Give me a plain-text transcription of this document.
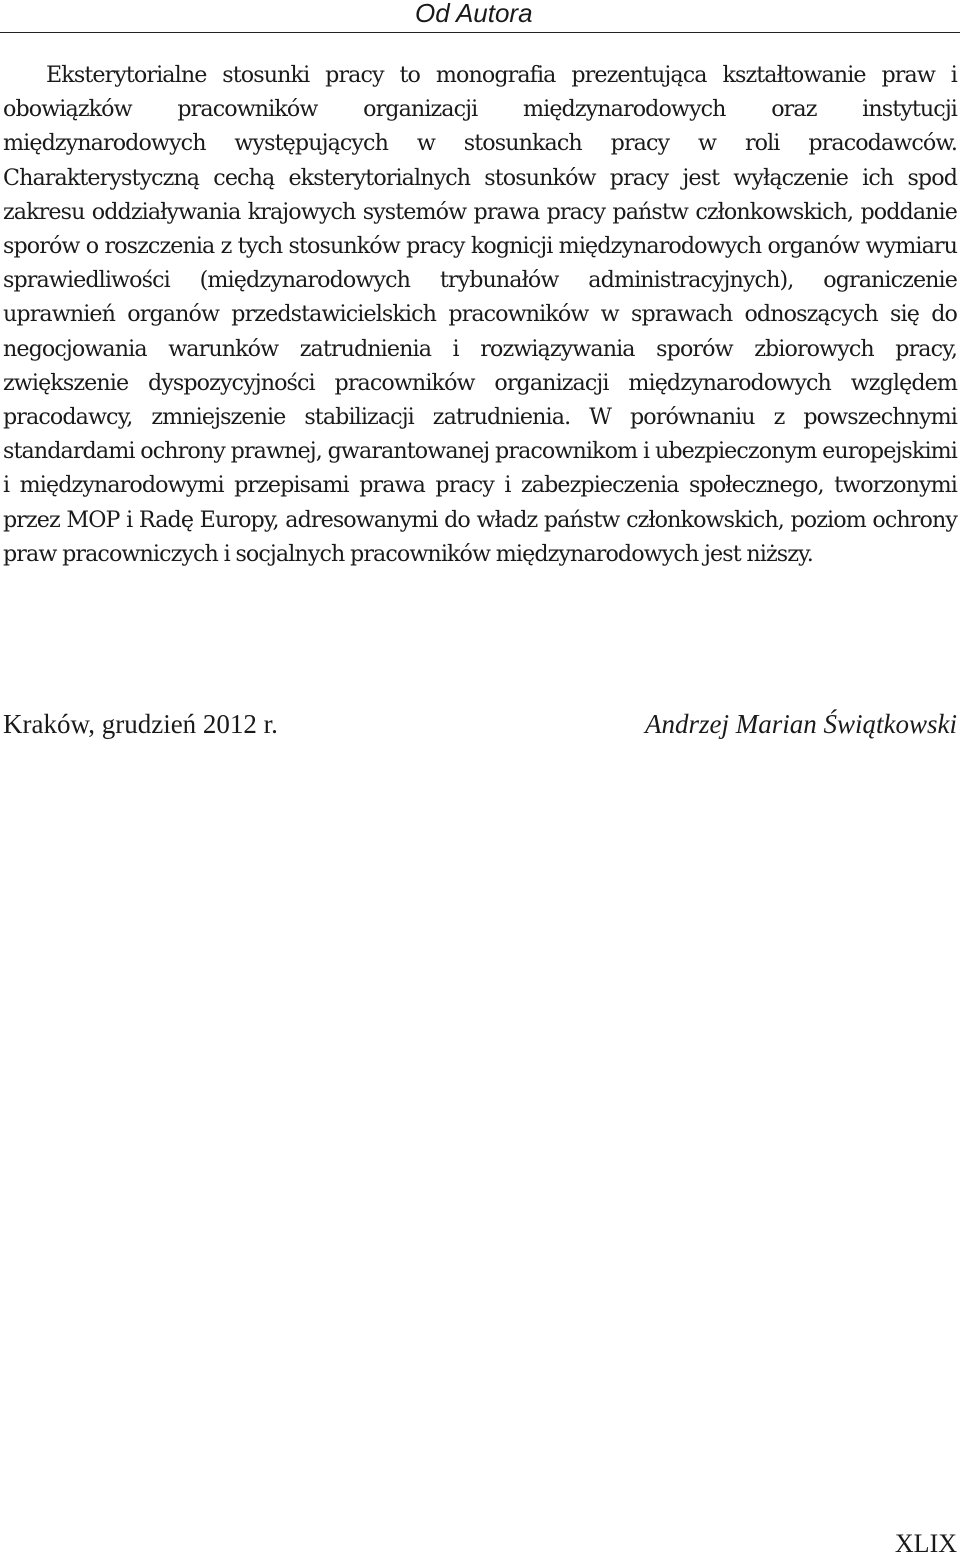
Od Autora

Eksterytorialne stosunki pracy to monografia prezentująca kształtowanie praw i obowiązków pracowników organizacji międzynarodowych oraz instytucji międzynarodowych występujących w stosunkach pracy w roli pracodawców. Charakterystyczną cechą eksterytorialnych stosunków pracy jest wyłączenie ich spod zakresu oddziaływania krajowych systemów prawa pracy państw członkowskich, poddanie sporów o roszczenia z tych stosunków pracy kognicji międzynarodowych organów wymiaru sprawiedliwości (międzynarodowych trybunałów administracyjnych), ograniczenie uprawnień organów przedstawicielskich pracowników w sprawach odnoszących się do negocjowania warunków zatrudnienia i rozwiązywania sporów zbiorowych pracy, zwiększenie dyspozycyjności pracowników organizacji międzynarodowych względem pracodawcy, zmniejszenie stabilizacji zatrudnienia. W porównaniu z powszechnymi standardami ochrony prawnej, gwarantowanej pracownikom i ubezpieczonym europejskimi i międzynarodowymi przepisami prawa pracy i zabezpieczenia społecznego, tworzonymi przez MOP i Radę Europy, adresowanymi do władz państw członkowskich, poziom ochrony praw pracowniczych i socjalnych pracowników międzynarodowych jest niższy.

Kraków, grudzień 2012 r.	Andrzej Marian Świątkowski
XLIX
